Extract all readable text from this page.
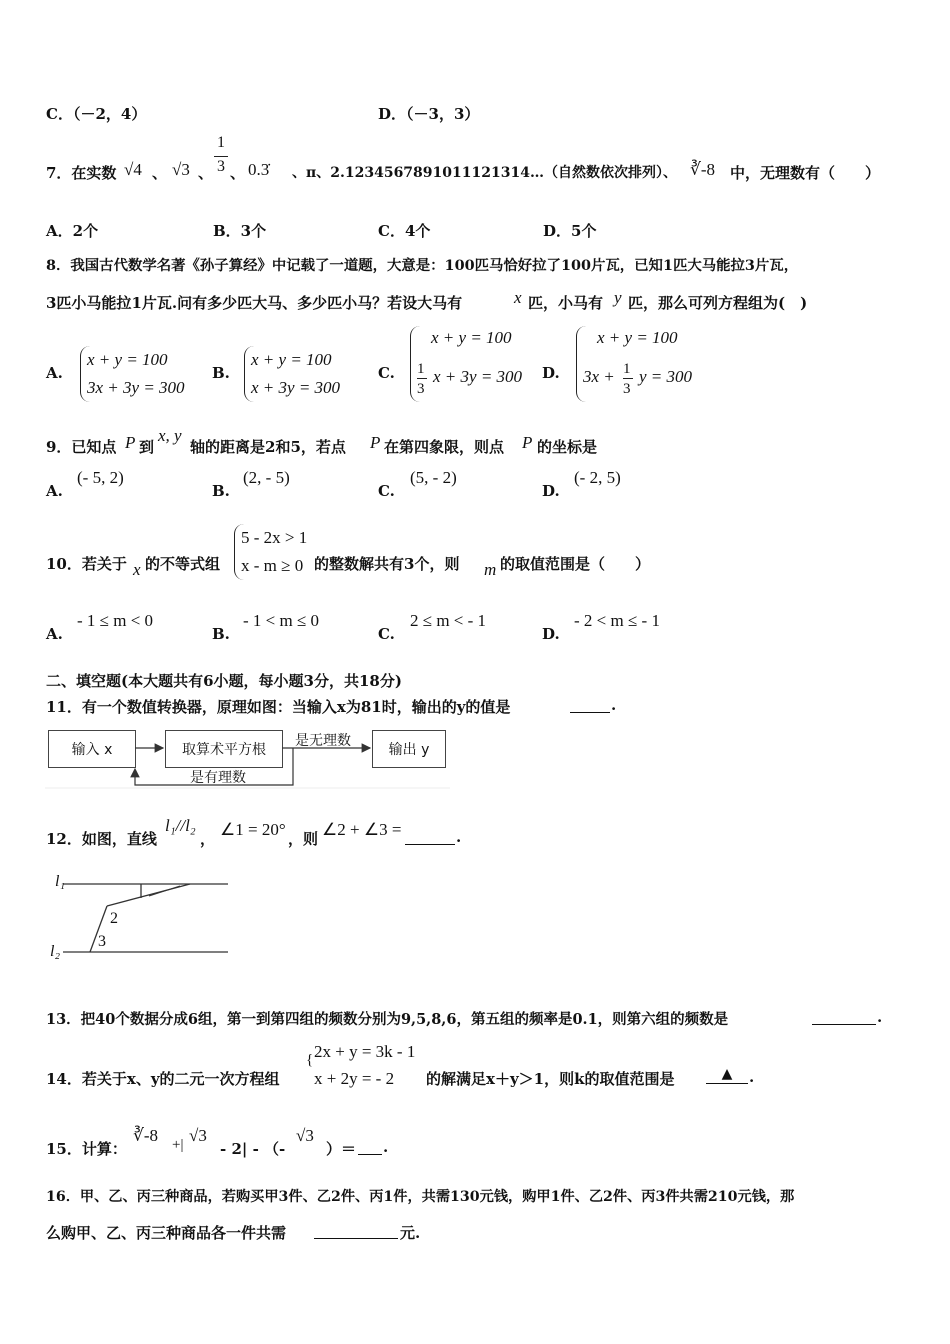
C．（－2，4）	D．（－3，3）
7．在实数 √4 、 √3 、
1
3 、 0.3̇ 、π、2.1234567891011121314…（自然数依次排列）、 ∛-8 中，无理数有（　　）
A．2个	B．3个	C．4个	D．5个
8．我国古代数学名著《孙子算经》中记载了一道题，大意是：100匹马恰好拉了100片瓦，已知1匹大马能拉3片瓦，
3匹小马能拉1片瓦.问有多少匹大马、多少匹小马？若设大马有	x 匹，小马有 y 匹，那么可列方程组为(　)
A.
x + y = 100
3x + 3y = 300
B.
x + y = 100
x + 3y = 300
C.
x + y = 100
1
3
x + 3y = 300 D.
x + y = 100
3x + 1
3
y = 300
9．已知点 P 到
x, y
轴的距离是2和5，若点 P 在第四象限，则点 P 的坐标是
A.
(- 5, 2)
B.
(2, - 5)
C.
(5, - 2)
D.
(- 2, 5)
10．若关于 x 的不等式组
5 - 2x > 1
x - m ≥ 0 的整数解共有3个，则 m 的取值范围是（　　）
A.
- 1 ≤ m < 0
B.
- 1 < m ≤ 0
C.
2 ≤ m < - 1
D.
- 2 < m ≤ - 1
二、填空题(本大题共有6小题，每小题3分，共18分)
11．有一个数值转换器，原理如图：当输入x为81时，输出的y的值是	.
输入 x	取算术平方根	输出 y
是无理数
是有理数
12．如图，直线
l₁//l₂
， ∠1 = 20° ，则 ∠2 + ∠3 =	.
l₁
l₂
2
3
13．把40个数据分成6组，第一到第四组的频数分别为9,5,8,6，第五组的频率是0.1，则第六组的频数是	.
14．若关于x、y的二元一次方程组
2x + y = 3k - 1
x + 2y = - 2
{
的解满足x＋y＞1，则k的取值范围是	▲	.
15．计算：
∛-8 +| √3
- 2| - （-
√3
）＝ .
16．甲、乙、丙三种商品，若购买甲3件、乙2件、丙1件，共需130元钱，购甲1件、乙2件、丙3件共需210元钱，那
么购甲、乙、丙三种商品各一件共需	元.
